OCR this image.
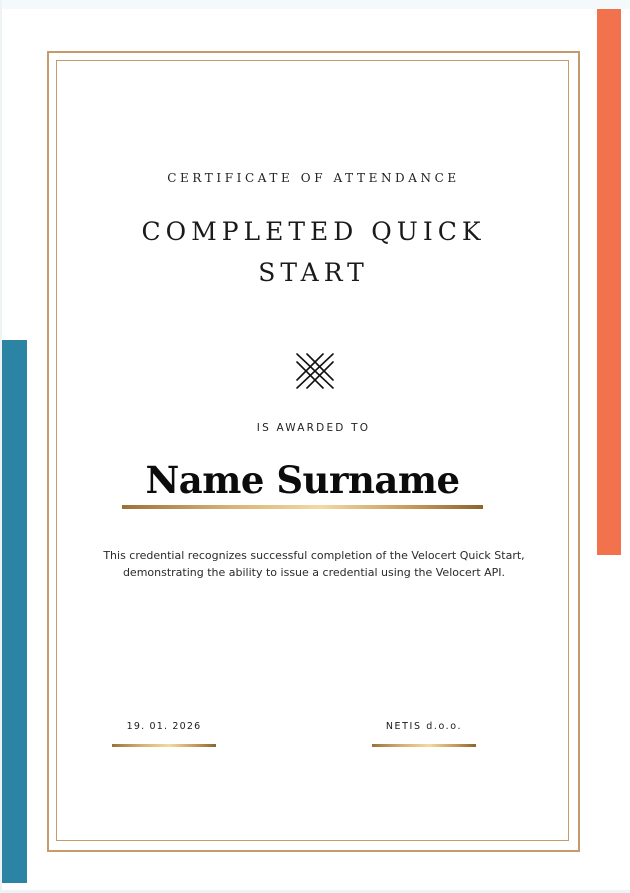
CERTIFICATE OF ATTENDANCE
COMPLETED QUICK
START
IS AWARDED TO
Name Surname
This credential recognizes successful completion of the Velocert Quick Start, demonstrating the ability to issue a credential using the Velocert API.
19. 01. 2026	NETIS d.o.o.
